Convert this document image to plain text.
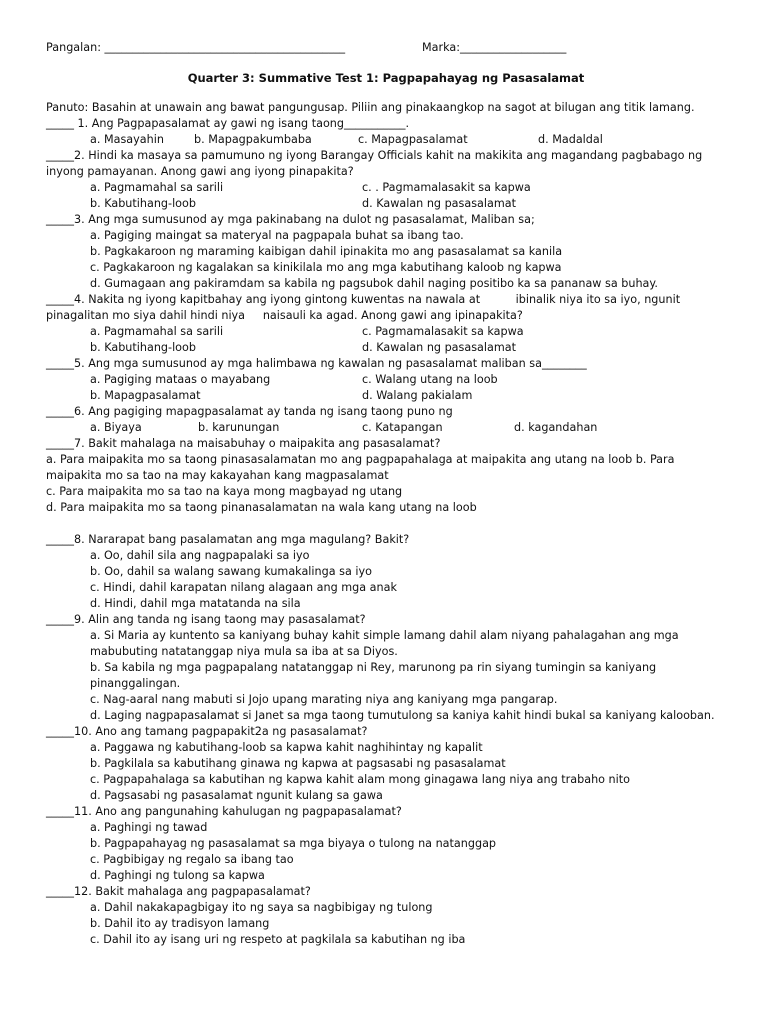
Pangalan: ___________________________________________	Marka:___________________
Quarter 3: Summative Test 1: Pagpapahayag ng Pasasalamat
Panuto: Basahin at unawain ang bawat pangungusap. Piliin ang pinakaangkop na sagot at bilugan ang titik lamang.
_____ 1. Ang Pagpapasalamat ay gawi ng isang taong___________.
a. Masayahin	b. Mapagpakumbaba	c. Mapagpasalamat	d. Madaldal
_____2. Hindi ka masaya sa pamumuno ng iyong Barangay Officials kahit na makikita ang magandang pagbabago ng inyong pamayanan. Anong gawi ang iyong pinapakita?
a. Pagmamahal sa sarili	c. . Pagmamalasakit sa kapwa
b. Kabutihang-loob	d. Kawalan ng pasasalamat
_____3. Ang mga sumusunod ay mga pakinabang na dulot ng pasasalamat, Maliban sa;
a. Pagiging maingat sa materyal na pagpapala buhat sa ibang tao.
b. Pagkakaroon ng maraming kaibigan dahil ipinakita mo ang pasasalamat sa kanila
c. Pagkakaroon ng kagalakan sa kinikilala mo ang mga kabutihang kaloob ng kapwa
d. Gumagaan ang pakiramdam sa kabila ng pagsubok dahil naging positibo ka sa pananaw sa buhay.
_____4. Nakita ng iyong kapitbahay ang iyong gintong kuwentas na nawala at          ibinalik niya ito sa iyo, ngunit pinagalitan mo siya dahil hindi niya     naisauli ka agad. Anong gawi ang ipinapakita?
a. Pagmamahal sa sarili	c. Pagmamalasakit sa kapwa
b. Kabutihang-loob	d. Kawalan ng pasasalamat
_____5. Ang mga sumusunod ay mga halimbawa ng kawalan ng pasasalamat maliban sa________
a. Pagiging mataas o mayabang	c. Walang utang na loob
b. Mapagpasalamat	d. Walang pakialam
_____6. Ang pagiging mapagpasalamat ay tanda ng isang taong puno ng
a. Biyaya	b. karunungan	c. Katapangan	d. kagandahan
_____7. Bakit mahalaga na maisabuhay o maipakita ang pasasalamat?
a. Para maipakita mo sa taong pinasasalamatan mo ang pagpapahalaga at maipakita ang utang na loob b. Para maipakita mo sa tao na may kakayahan kang magpasalamat
c. Para maipakita mo sa tao na kaya mong magbayad ng utang
d. Para maipakita mo sa taong pinanasalamatan na wala kang utang na loob
_____8. Nararapat bang pasalamatan ang mga magulang? Bakit?
a. Oo, dahil sila ang nagpapalaki sa iyo
b. Oo, dahil sa walang sawang kumakalinga sa iyo
c. Hindi, dahil karapatan nilang alagaan ang mga anak
d. Hindi, dahil mga matatanda na sila
_____9. Alin ang tanda ng isang taong may pasasalamat?
a. Si Maria ay kuntento sa kaniyang buhay kahit simple lamang dahil alam niyang pahalagahan ang mga mabubuting natatanggap niya mula sa iba at sa Diyos.
b. Sa kabila ng mga pagpapalang natatanggap ni Rey, marunong pa rin siyang tumingin sa kaniyang pinanggalingan.
c. Nag-aaral nang mabuti si Jojo upang marating niya ang kaniyang mga pangarap.
d. Laging nagpapasalamat si Janet sa mga taong tumutulong sa kaniya kahit hindi bukal sa kaniyang kalooban.
_____10. Ano ang tamang pagpapakit2a ng pasasalamat?
a. Paggawa ng kabutihang-loob sa kapwa kahit naghihintay ng kapalit
b. Pagkilala sa kabutihang ginawa ng kapwa at pagsasabi ng pasasalamat
c. Pagpapahalaga sa kabutihan ng kapwa kahit alam mong ginagawa lang niya ang trabaho nito
d. Pagsasabi ng pasasalamat ngunit kulang sa gawa
_____11. Ano ang pangunahing kahulugan ng pagpapasalamat?
a. Paghingi ng tawad
b. Pagpapahayag ng pasasalamat sa mga biyaya o tulong na natanggap
c. Pagbibigay ng regalo sa ibang tao
d. Paghingi ng tulong sa kapwa
_____12. Bakit mahalaga ang pagpapasalamat?
a. Dahil nakakapagbigay ito ng saya sa nagbibigay ng tulong
b. Dahil ito ay tradisyon lamang
c. Dahil ito ay isang uri ng respeto at pagkilala sa kabutihan ng iba
